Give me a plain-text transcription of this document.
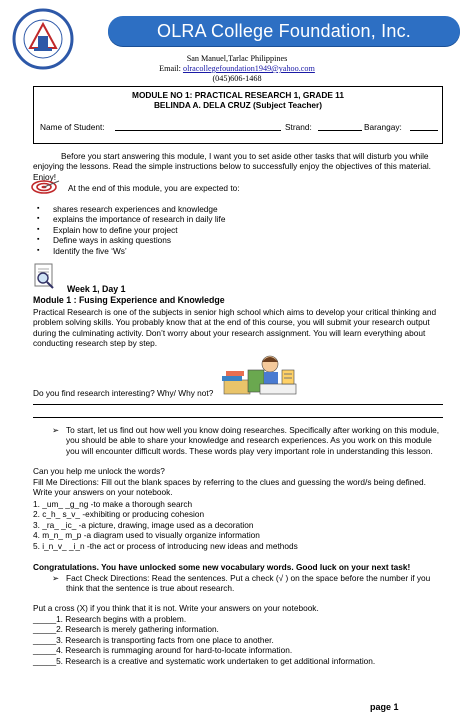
OLRA College Foundation, Inc.
San Manuel,Tarlac Philippines
Email: olracollegefoundation1949@yahoo.com
(045)606-1468
MODULE NO 1: PRACTICAL RESEARCH 1, GRADE 11
BELINDA A. DELA CRUZ (Subject Teacher)
Name of Student:	Strand:	Barangay:
Before you start answering this module, I want you to set aside other tasks that will disturb you while enjoying the lessons. Read the simple instructions below to successfully enjoy the objectives of this material. Enjoy!
At the end of this module, you are expected to:
▪ shares research experiences and knowledge
▪ explains the importance of research in daily life
▪ Explain how to define your project
▪ Define ways in asking questions
▪ Identify the five ‘Ws’
Week 1, Day 1
Module 1 : Fusing Experience and Knowledge
Practical Research is one of the subjects in senior high school which aims to develop your critical thinking and problem solving skills. You probably know that at the end of this course, you will submit your research output during the culminating activity. Don’t worry about your research assignment. You will learn everything about conducting research step by step.
Do you find research interesting? Why/ Why not?
➢ To start, let us find out how well you know doing researches. Specifically after working on this module, you should be able to share your knowledge and research experiences. As you work on this module you will encounter difficult words. These words play very important role in understanding this lesson.
Can you help me unlock the words?
Fill Me Directions: Fill out the blank spaces by referring to the clues and guessing the word/s being defined. Write your answers on your notebook.
1. _um_ _g_ng -to make a thorough search
2. c_h_ s_v_ -exhibiting or producing cohesion
3. _ra_ _ic_ -a picture, drawing, image used as a decoration
4. m_n_ m_p -a diagram used to visually organize information
5. i_n_v_ _i_n -the act or process of introducing new ideas and methods
Congratulations. You have unlocked some new vocabulary words. Good luck on your next task!
➢ Fact Check Directions: Read the sentences. Put a check (√ ) on the space before the number if you think that the sentence is true about research.
Put a cross (X) if you think that it is not. Write your answers on your notebook.
_____1. Research begins with a problem.
_____2. Research is merely gathering information.
_____3. Research is transporting facts from one place to another.
_____4. Research is rummaging around for hard-to-locate information.
_____5. Research is a creative and systematic work undertaken to get additional information.
page 1
